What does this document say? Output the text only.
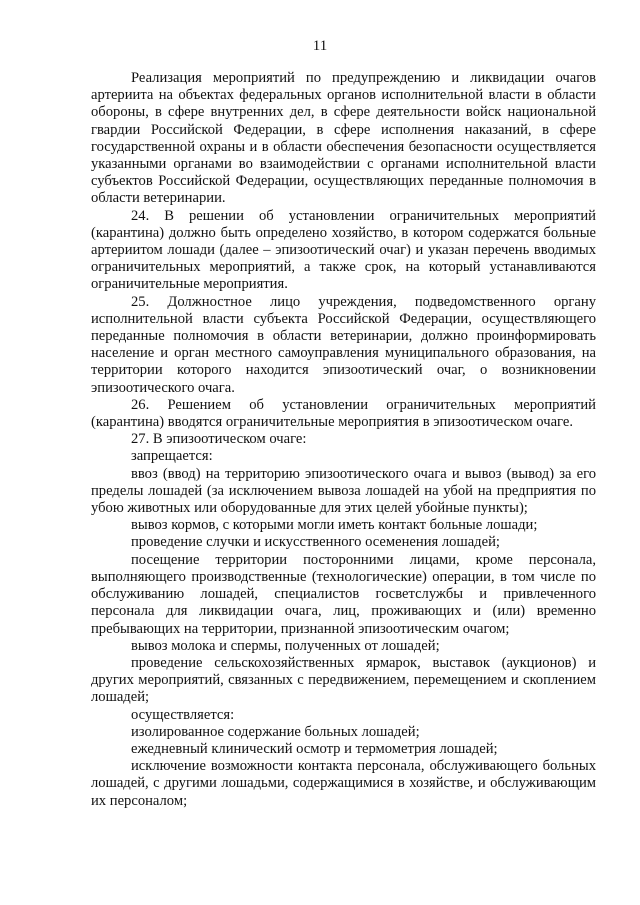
11

Реализация мероприятий по предупреждению и ликвидации очагов артериита на объектах федеральных органов исполнительной власти в области обороны, в сфере внутренних дел, в сфере деятельности войск национальной гвардии Российской Федерации, в сфере исполнения наказаний, в сфере государственной охраны и в области обеспечения безопасности осуществляется указанными органами во взаимодействии с органами исполнительной власти субъектов Российской Федерации, осуществляющих переданные полномочия в области ветеринарии.

24. В решении об установлении ограничительных мероприятий (карантина) должно быть определено хозяйство, в котором содержатся больные артериитом лошади (далее – эпизоотический очаг) и указан перечень вводимых ограничительных мероприятий, а также срок, на который устанавливаются ограничительные мероприятия.

25. Должностное лицо учреждения, подведомственного органу исполнительной власти субъекта Российской Федерации, осуществляющего переданные полномочия в области ветеринарии, должно проинформировать население и орган местного самоуправления муниципального образования, на территории которого находится эпизоотический очаг, о возникновении эпизоотического очага.

26. Решением об установлении ограничительных мероприятий (карантина) вводятся ограничительные мероприятия в эпизоотическом очаге.

27. В эпизоотическом очаге:

запрещается:

ввоз (ввод) на территорию эпизоотического очага и вывоз (вывод) за его пределы лошадей (за исключением вывоза лошадей на убой на предприятия по убою животных или оборудованные для этих целей убойные пункты);

вывоз кормов, с которыми могли иметь контакт больные лошади;

проведение случки и искусственного осеменения лошадей;

посещение территории посторонними лицами, кроме персонала, выполняющего производственные (технологические) операции, в том числе по обслуживанию лошадей, специалистов госветслужбы и привлеченного персонала для ликвидации очага, лиц, проживающих и (или) временно пребывающих на территории, признанной эпизоотическим очагом;

вывоз молока и спермы, полученных от лошадей;

проведение сельскохозяйственных ярмарок, выставок (аукционов) и других мероприятий, связанных с передвижением, перемещением и скоплением лошадей;

осуществляется:

изолированное содержание больных лошадей;

ежедневный клинический осмотр и термометрия лошадей;

исключение возможности контакта персонала, обслуживающего больных лошадей, с другими лошадьми, содержащимися в хозяйстве, и обслуживающим их персоналом;
